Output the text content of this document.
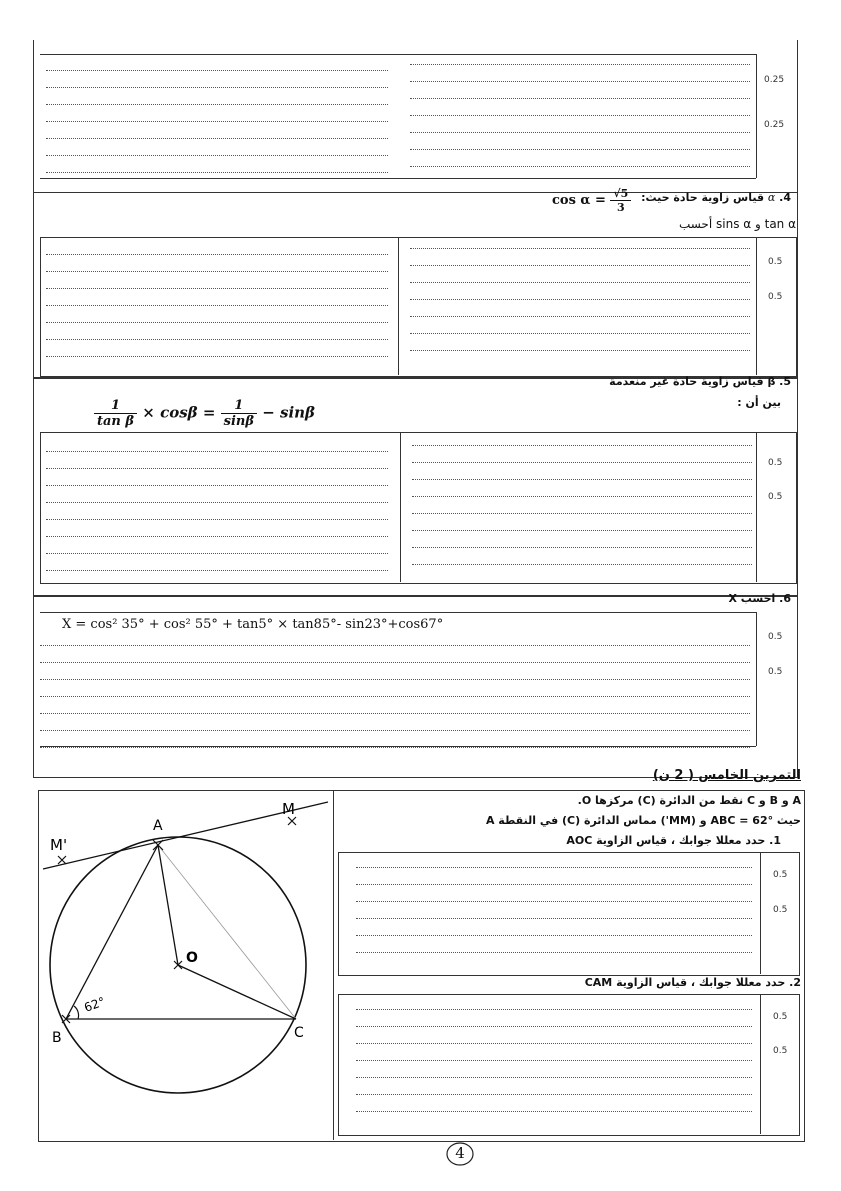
0.25
0.25
4. α قياس زاوية حادة حيث:
$\cos \alpha = \frac{√5}{3}$
tan α و sins α أحسب
0.5
0.5
5. β قياس زاوية حادة غير منعدمة
بين أن :
$\frac{1}{\text{tan β}} \times \cos\beta = \frac{1}{\sin\beta} - \sin\beta$
0.5
0.5
6. احسب X
X = cos² 35° + cos² 55° + tan5° × tan85°- sin23°+cos67°
0.5
0.5
التمرين الخامس ( 2 ن)
A و B و C نقط من الدائرة (C) مركزها O.
حيث ABC = 62° و (MM') مماس الدائرة (C) في النقطة A
1. حدد معللا جوابك ، قياس الزاوية AOC
0.5
0.5
2. حدد معللا جوابك ، قياس الزاوية CAM
0.5
0.5
M
M'
A
O
B	C
62°
4
